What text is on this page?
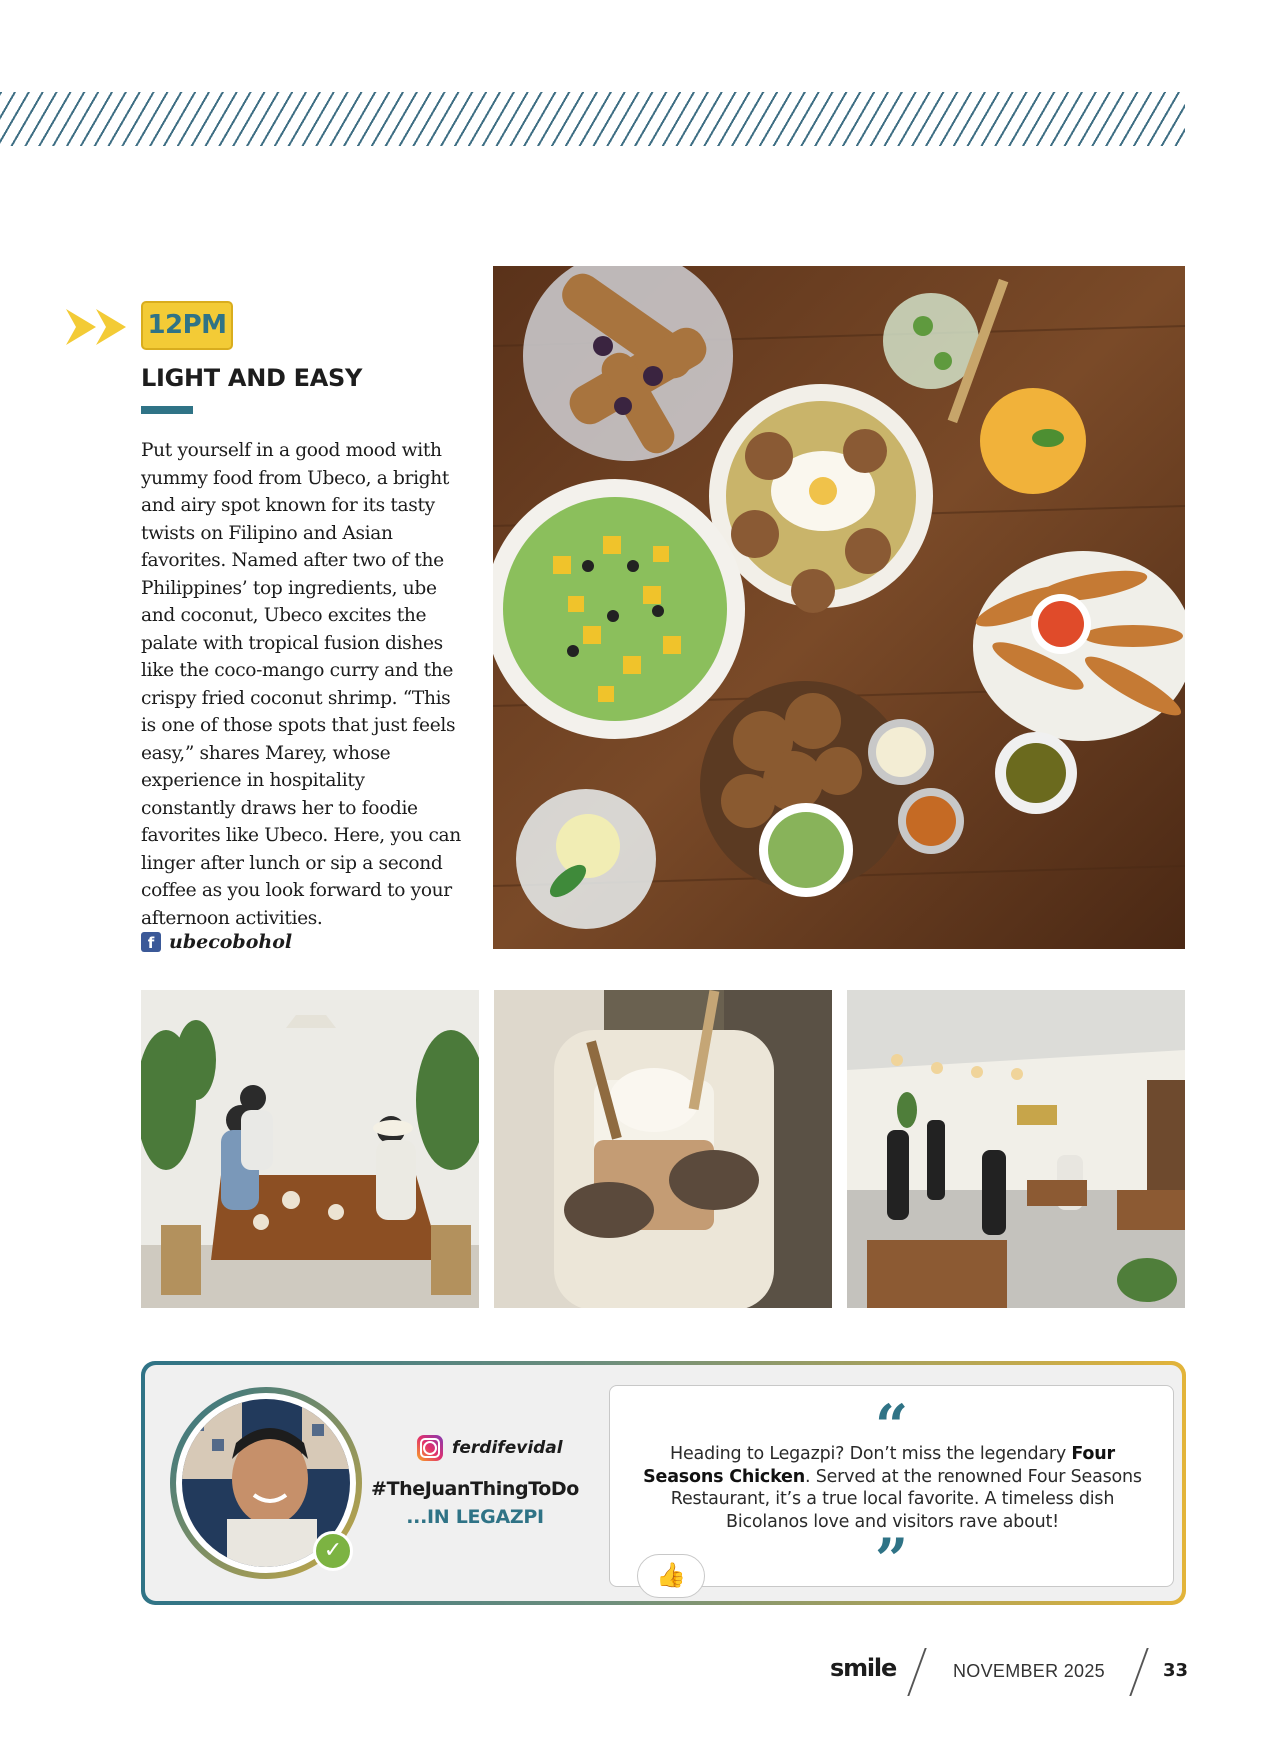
12PM
LIGHT AND EASY

Put yourself in a good mood with yummy food from Ubeco, a bright and airy spot known for its tasty twists on Filipino and Asian favorites. Named after two of the Philippines’ top ingredients, ube and coconut, Ubeco excites the palate with tropical fusion dishes like the coco-mango curry and the crispy fried coconut shrimp. “This is one of those spots that just feels easy,” shares Marey, whose experience in hospitality constantly draws her to foodie favorites like Ubeco. Here, you can linger after lunch or sip a second coffee as you look forward to your afternoon activities.

f ubecobohol
✓
ferdifevidal
#TheJuanThingToDo
...IN LEGAZPI
“

Heading to Legazpi? Don’t miss the legendary Four Seasons Chicken. Served at the renowned Four Seasons Restaurant, it’s a true local favorite. A timeless dish Bicolanos love and visitors rave about!

”
👍
smile	NOVEMBER 2025	33
